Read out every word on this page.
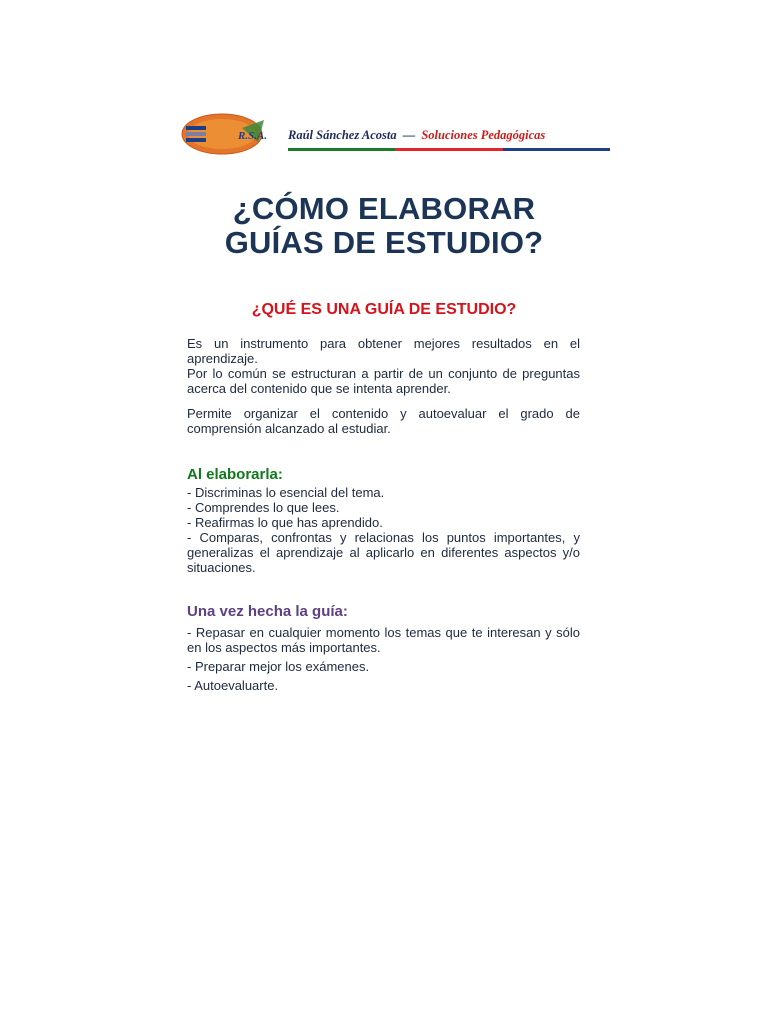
R.S.A. Raúl Sánchez Acosta — Soluciones Pedagógicas
¿CÓMO ELABORAR
GUÍAS DE ESTUDIO?
¿QUÉ ES UNA GUÍA DE ESTUDIO?

Es un instrumento para obtener mejores resultados en el aprendizaje.
Por lo común se estructuran a partir de un conjunto de preguntas acerca del contenido que se intenta aprender.

Permite organizar el contenido y autoevaluar el grado de comprensión alcanzado al estudiar.

Al elaborarla:
- Discriminas lo esencial del tema.
- Comprendes lo que lees.
- Reafirmas lo que has aprendido.
- Comparas, confrontas y relacionas los puntos importantes, y generalizas el aprendizaje al aplicarlo en diferentes aspectos y/o situaciones.
Una vez hecha la guía:
- Repasar en cualquier momento los temas que te interesan y sólo en los aspectos más importantes.
- Preparar mejor los exámenes.
- Autoevaluarte.
